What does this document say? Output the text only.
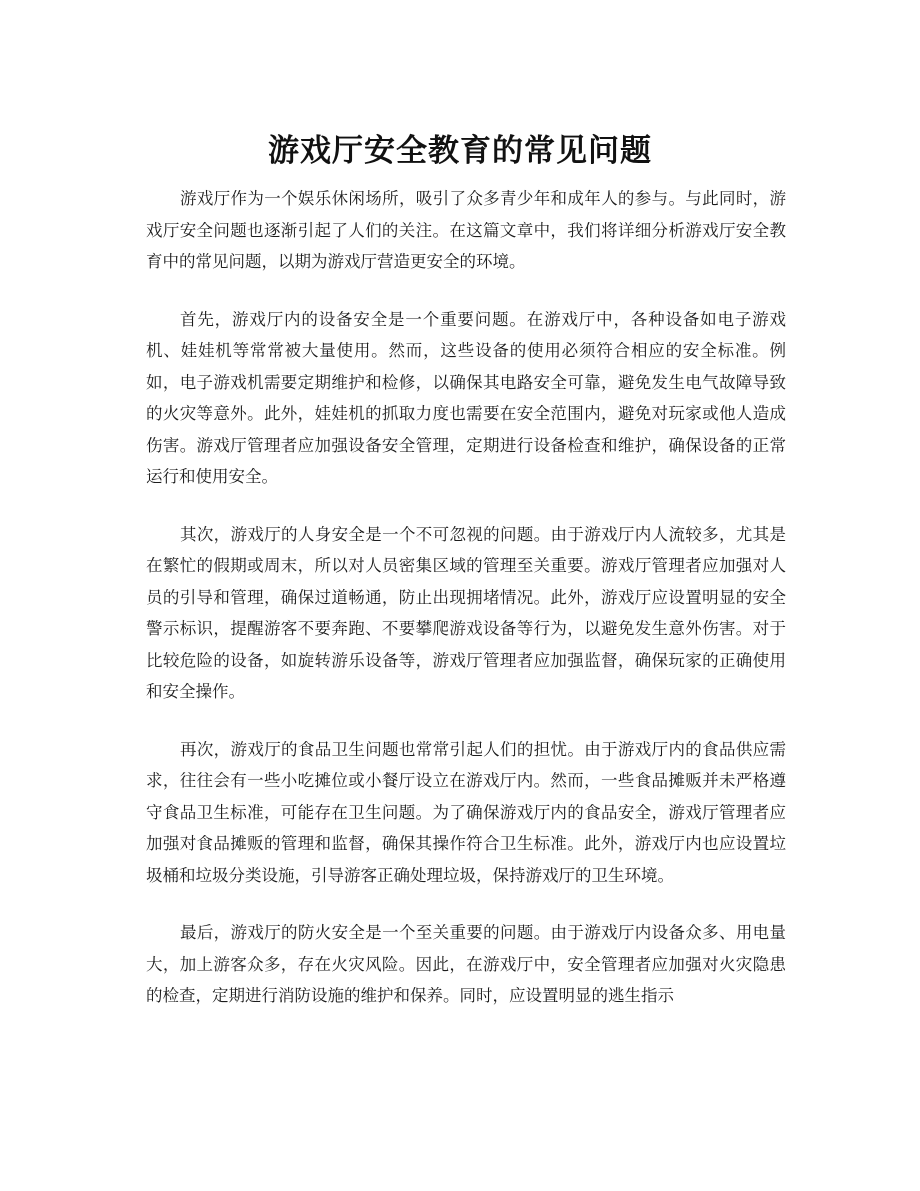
游戏厅安全教育的常见问题

游戏厅作为一个娱乐休闲场所，吸引了众多青少年和成年人的参与。与此同时，游戏厅安全问题也逐渐引起了人们的关注。在这篇文章中，我们将详细分析游戏厅安全教育中的常见问题，以期为游戏厅营造更安全的环境。

首先，游戏厅内的设备安全是一个重要问题。在游戏厅中，各种设备如电子游戏机、娃娃机等常常被大量使用。然而，这些设备的使用必须符合相应的安全标准。例如，电子游戏机需要定期维护和检修，以确保其电路安全可靠，避免发生电气故障导致的火灾等意外。此外，娃娃机的抓取力度也需要在安全范围内，避免对玩家或他人造成伤害。游戏厅管理者应加强设备安全管理，定期进行设备检查和维护，确保设备的正常运行和使用安全。

其次，游戏厅的人身安全是一个不可忽视的问题。由于游戏厅内人流较多，尤其是在繁忙的假期或周末，所以对人员密集区域的管理至关重要。游戏厅管理者应加强对人员的引导和管理，确保过道畅通，防止出现拥堵情况。此外，游戏厅应设置明显的安全警示标识，提醒游客不要奔跑、不要攀爬游戏设备等行为，以避免发生意外伤害。对于比较危险的设备，如旋转游乐设备等，游戏厅管理者应加强监督，确保玩家的正确使用和安全操作。

再次，游戏厅的食品卫生问题也常常引起人们的担忧。由于游戏厅内的食品供应需求，往往会有一些小吃摊位或小餐厅设立在游戏厅内。然而，一些食品摊贩并未严格遵守食品卫生标准，可能存在卫生问题。为了确保游戏厅内的食品安全，游戏厅管理者应加强对食品摊贩的管理和监督，确保其操作符合卫生标准。此外，游戏厅内也应设置垃圾桶和垃圾分类设施，引导游客正确处理垃圾，保持游戏厅的卫生环境。

最后，游戏厅的防火安全是一个至关重要的问题。由于游戏厅内设备众多、用电量大，加上游客众多，存在火灾风险。因此，在游戏厅中，安全管理者应加强对火灾隐患的检查，定期进行消防设施的维护和保养。同时，应设置明显的逃生指示
